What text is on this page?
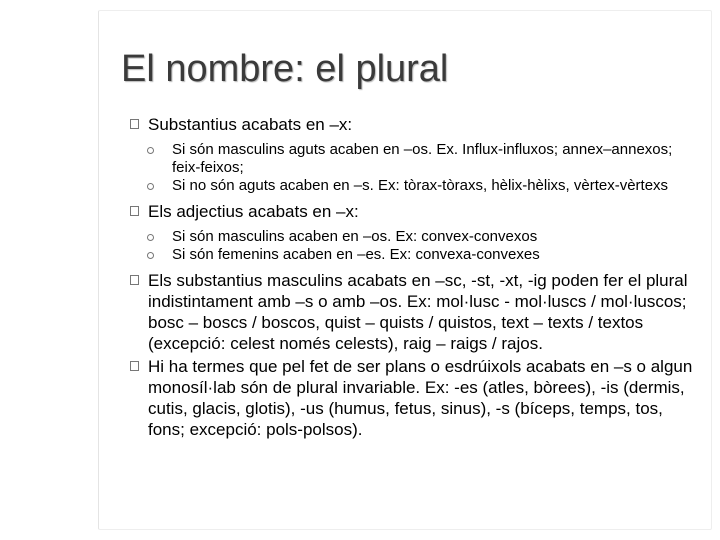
El nombre: el plural
Substantius acabats en –x:
Si són masculins aguts acaben en –os. Ex. Influx-influxos; annex–annexos; feix-feixos;
Si no són aguts acaben en –s. Ex: tòrax-tòraxs, hèlix-hèlixs, vèrtex-vèrtexs
Els adjectius acabats en –x:
Si són masculins acaben en –os. Ex: convex-convexos
Si són femenins acaben en –es. Ex: convexa-convexes
Els substantius masculins acabats en –sc, -st, -xt, -ig poden fer el plural indistintament amb –s o amb –os. Ex: mol·lusc - mol·luscs / mol·luscos; bosc – boscs / boscos, quist – quists / quistos, text – texts / textos (excepció: celest només celests), raig – raigs / rajos.
Hi ha termes que pel fet de ser plans o esdrúixols acabats en –s o algun monosíl·lab són de plural invariable. Ex: -es (atles, bòrees), -is (dermis, cutis, glacis, glotis), -us (humus, fetus, sinus), -s (bíceps, temps, tos, fons; excepció: pols-polsos).
